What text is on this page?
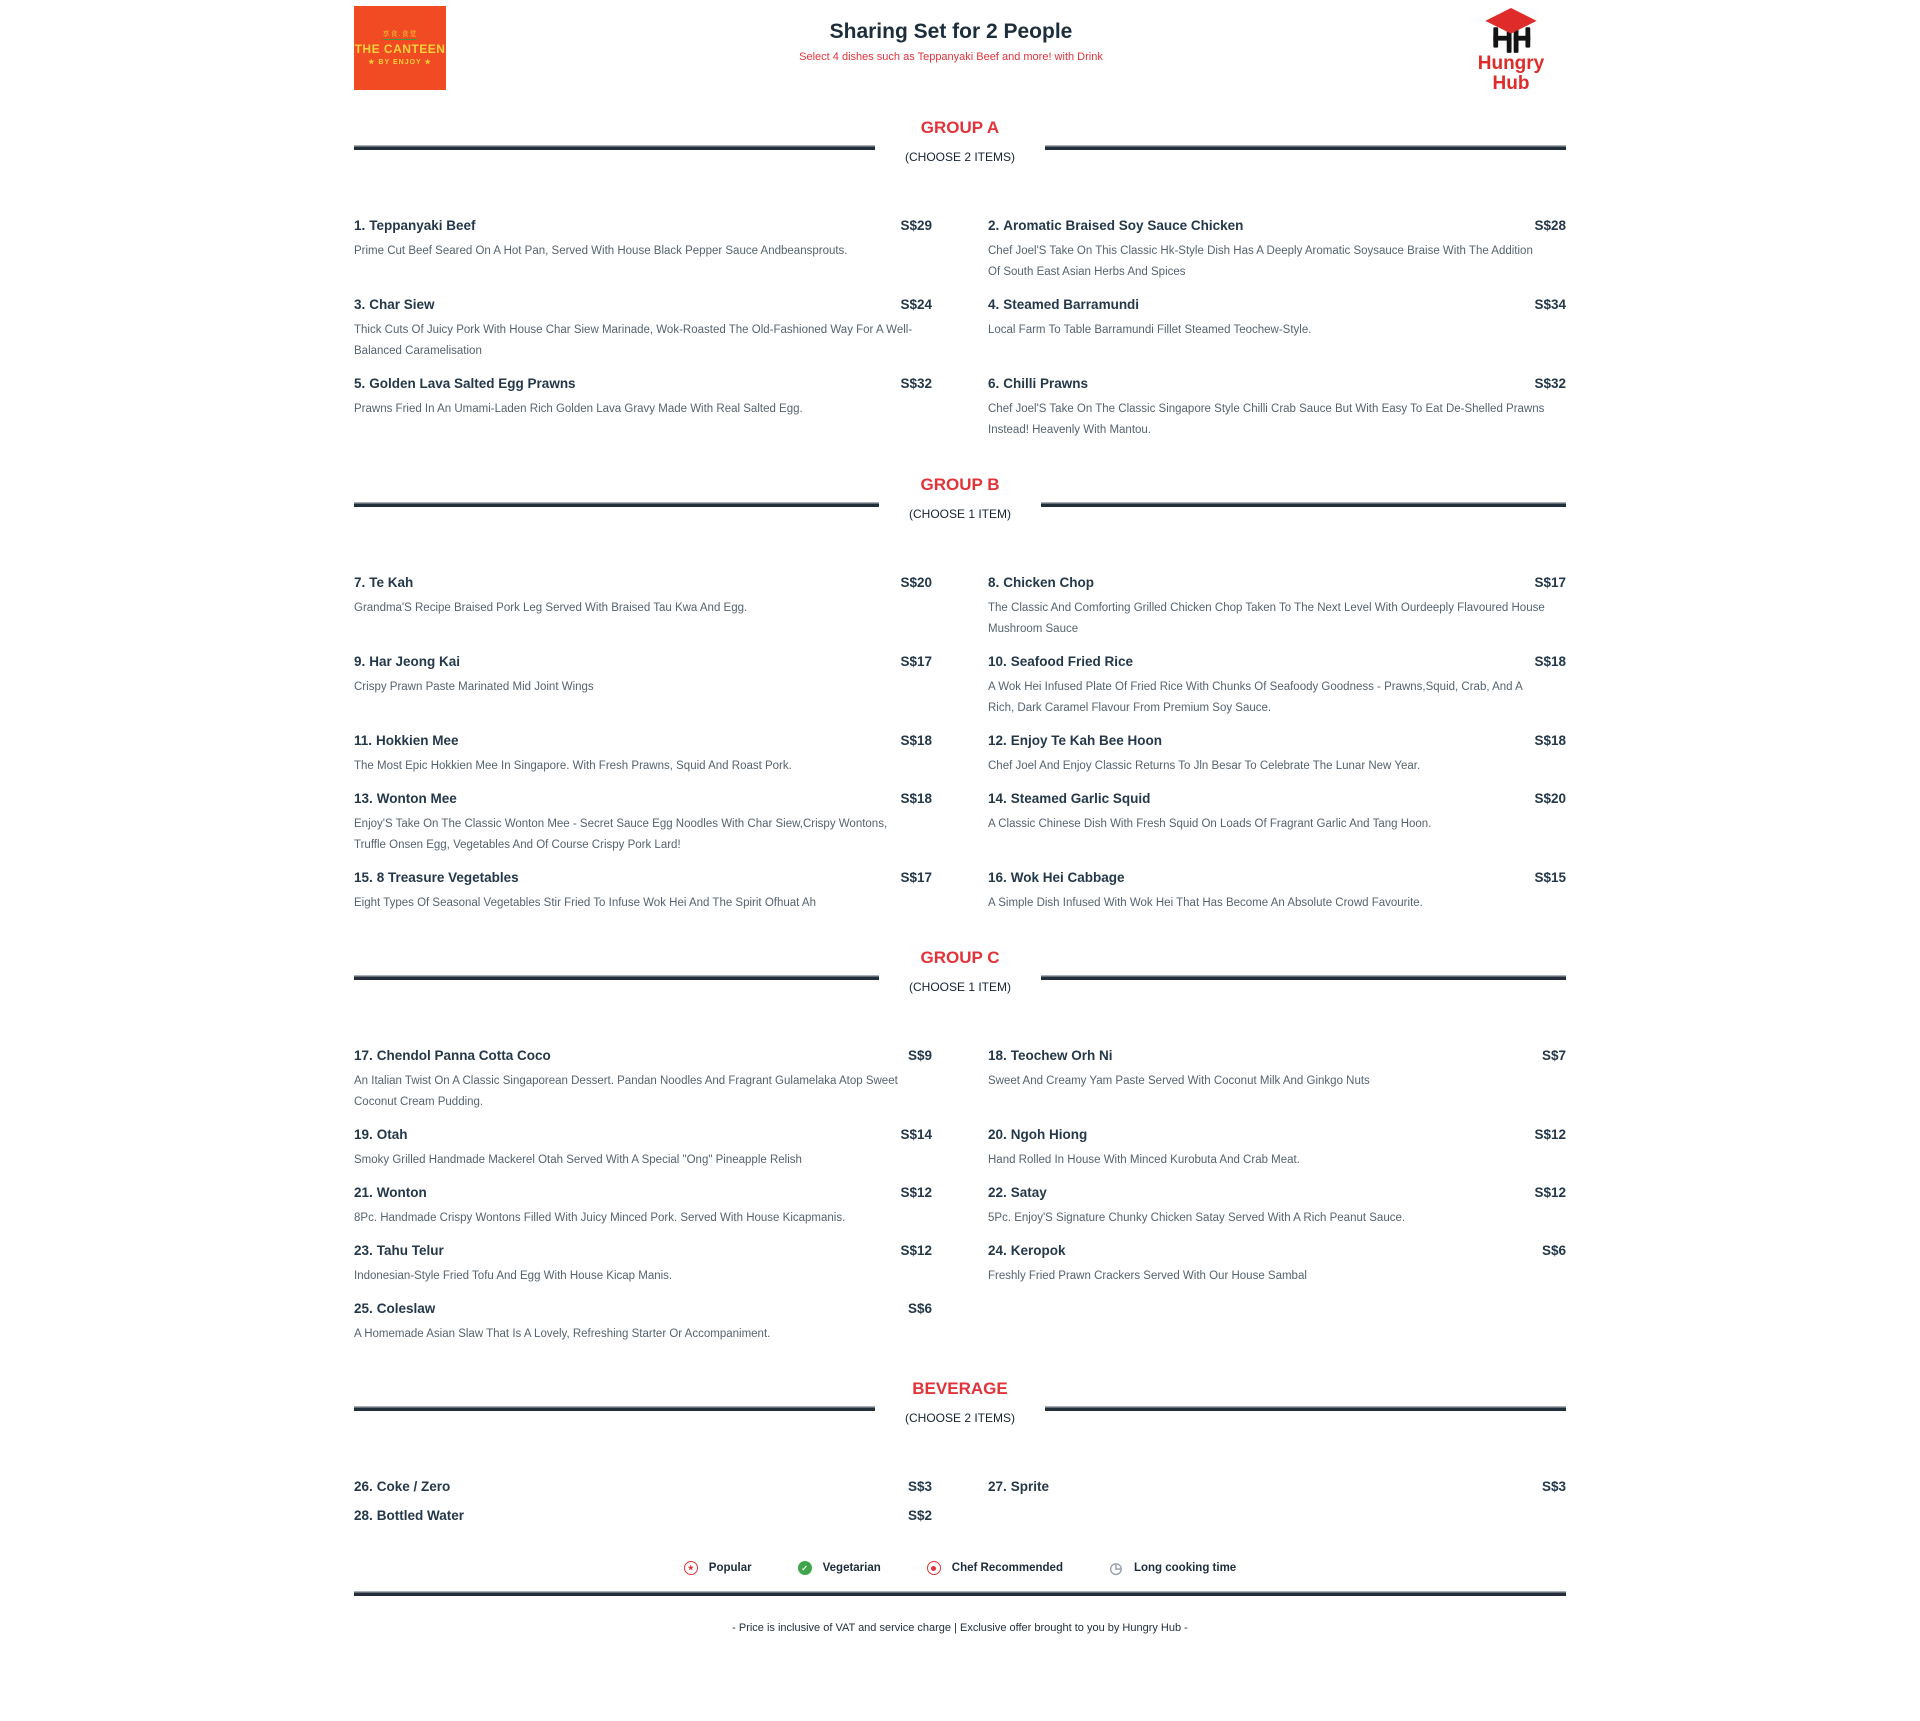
享食.食堂
THE CANTEEN
★ BY ENJOY ★
Sharing Set for 2 People
Select 4 dishes such as Teppanyaki Beef and more! with Drink	Hungry
Hub
GROUP A
(CHOOSE 2 ITEMS)
1. Teppanyaki Beef	S$29

Prime Cut Beef Seared On A Hot Pan, Served With House Black Pepper Sauce Andbeansprouts.

2. Aromatic Braised Soy Sauce Chicken	S$28

Chef Joel'S Take On This Classic Hk-Style Dish Has A Deeply Aromatic Soysauce Braise With The Addition Of South East Asian Herbs And Spices

3. Char Siew	S$24

Thick Cuts Of Juicy Pork With House Char Siew Marinade, Wok-Roasted The Old-Fashioned Way For A Well-Balanced Caramelisation

4. Steamed Barramundi	S$34

Local Farm To Table Barramundi Fillet Steamed Teochew-Style.

5. Golden Lava Salted Egg Prawns	S$32

Prawns Fried In An Umami-Laden Rich Golden Lava Gravy Made With Real Salted Egg.

6. Chilli Prawns	S$32

Chef Joel'S Take On The Classic Singapore Style Chilli Crab Sauce But With Easy To Eat De-Shelled Prawns Instead! Heavenly With Mantou.

GROUP B
(CHOOSE 1 ITEM)
7. Te Kah	S$20

Grandma'S Recipe Braised Pork Leg Served With Braised Tau Kwa And Egg.

8. Chicken Chop	S$17

The Classic And Comforting Grilled Chicken Chop Taken To The Next Level With Ourdeeply Flavoured House Mushroom Sauce

9. Har Jeong Kai	S$17

Crispy Prawn Paste Marinated Mid Joint Wings

10. Seafood Fried Rice	S$18

A Wok Hei Infused Plate Of Fried Rice With Chunks Of Seafoody Goodness - Prawns,Squid, Crab, And A Rich, Dark Caramel Flavour From Premium Soy Sauce.

11. Hokkien Mee	S$18

The Most Epic Hokkien Mee In Singapore. With Fresh Prawns, Squid And Roast Pork.

12. Enjoy Te Kah Bee Hoon	S$18

Chef Joel And Enjoy Classic Returns To Jln Besar To Celebrate The Lunar New Year.

13. Wonton Mee	S$18

Enjoy'S Take On The Classic Wonton Mee - Secret Sauce Egg Noodles With Char Siew,Crispy Wontons, Truffle Onsen Egg, Vegetables And Of Course Crispy Pork Lard!

14. Steamed Garlic Squid	S$20

A Classic Chinese Dish With Fresh Squid On Loads Of Fragrant Garlic And Tang Hoon.

15. 8 Treasure Vegetables	S$17

Eight Types Of Seasonal Vegetables Stir Fried To Infuse Wok Hei And The Spirit Ofhuat Ah

16. Wok Hei Cabbage	S$15

A Simple Dish Infused With Wok Hei That Has Become An Absolute Crowd Favourite.

GROUP C
(CHOOSE 1 ITEM)
17. Chendol Panna Cotta Coco	S$9

An Italian Twist On A Classic Singaporean Dessert. Pandan Noodles And Fragrant Gulamelaka Atop Sweet Coconut Cream Pudding.

18. Teochew Orh Ni	S$7

Sweet And Creamy Yam Paste Served With Coconut Milk And Ginkgo Nuts

19. Otah	S$14

Smoky Grilled Handmade Mackerel Otah Served With A Special "Ong" Pineapple Relish

20. Ngoh Hiong	S$12

Hand Rolled In House With Minced Kurobuta And Crab Meat.

21. Wonton	S$12

8Pc. Handmade Crispy Wontons Filled With Juicy Minced Pork. Served With House Kicapmanis.

22. Satay	S$12

5Pc. Enjoy'S Signature Chunky Chicken Satay Served With A Rich Peanut Sauce.

23. Tahu Telur	S$12

Indonesian-Style Fried Tofu And Egg With House Kicap Manis.

24. Keropok	S$6

Freshly Fried Prawn Crackers Served With Our House Sambal

25. Coleslaw	S$6

A Homemade Asian Slaw That Is A Lovely, Refreshing Starter Or Accompaniment.

BEVERAGE
(CHOOSE 2 ITEMS)
26. Coke / Zero	S$3	27. Sprite	S$3
28. Bottled Water	S$2
★	Popular	✓	Vegetarian	Chef Recommended	◷ Long cooking time
- Price is inclusive of VAT and service charge | Exclusive offer brought to you by Hungry Hub -
